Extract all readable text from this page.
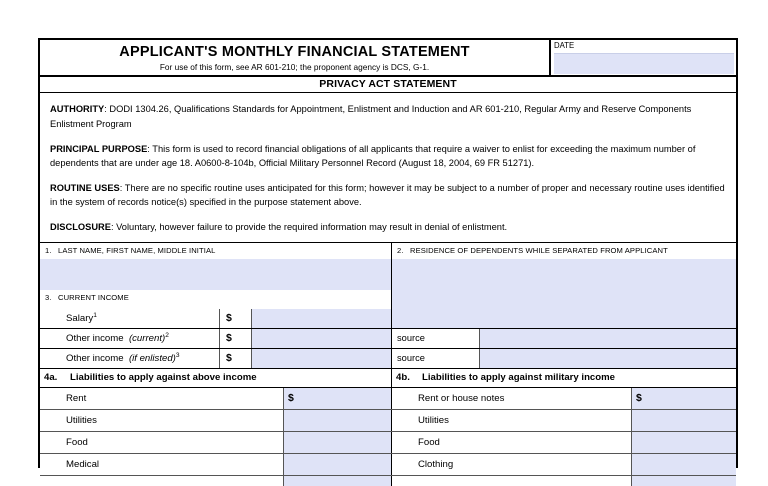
APPLICANT'S MONTHLY FINANCIAL STATEMENT
For use of this form, see AR 601-210; the proponent agency is DCS, G-1.
DATE
PRIVACY ACT STATEMENT
AUTHORITY: DODI 1304.26, Qualifications Standards for Appointment, Enlistment and Induction and AR 601-210, Regular Army and Reserve Components Enlistment Program
PRINCIPAL PURPOSE: This form is used to record financial obligations of all applicants that require a waiver to enlist for exceeding the maximum number of dependents that are under age 18. A0600-8-104b, Official Military Personnel Record (August 18, 2004, 69 FR 51271).
ROUTINE USES: There are no specific routine uses anticipated for this form; however it may be subject to a number of proper and necessary routine uses identified in the system of records notice(s) specified in the purpose statement above.
DISCLOSURE: Voluntary, however failure to provide the required information may result in denial of enlistment.
1. LAST NAME, FIRST NAME, MIDDLE INITIAL	2. RESIDENCE OF DEPENDENTS WHILE SEPARATED FROM APPLICANT
3. CURRENT INCOME
Salary$^1$	$
Other income (current)$^2$	$	source
Other income (if enlisted)$^3$	$	source
4a. Liabilities to apply against above income	4b. Liabilities to apply against military income
Rent	$	Rent or house notes	$
Utilities	Utilities
Food	Food
Medical	Clothing
